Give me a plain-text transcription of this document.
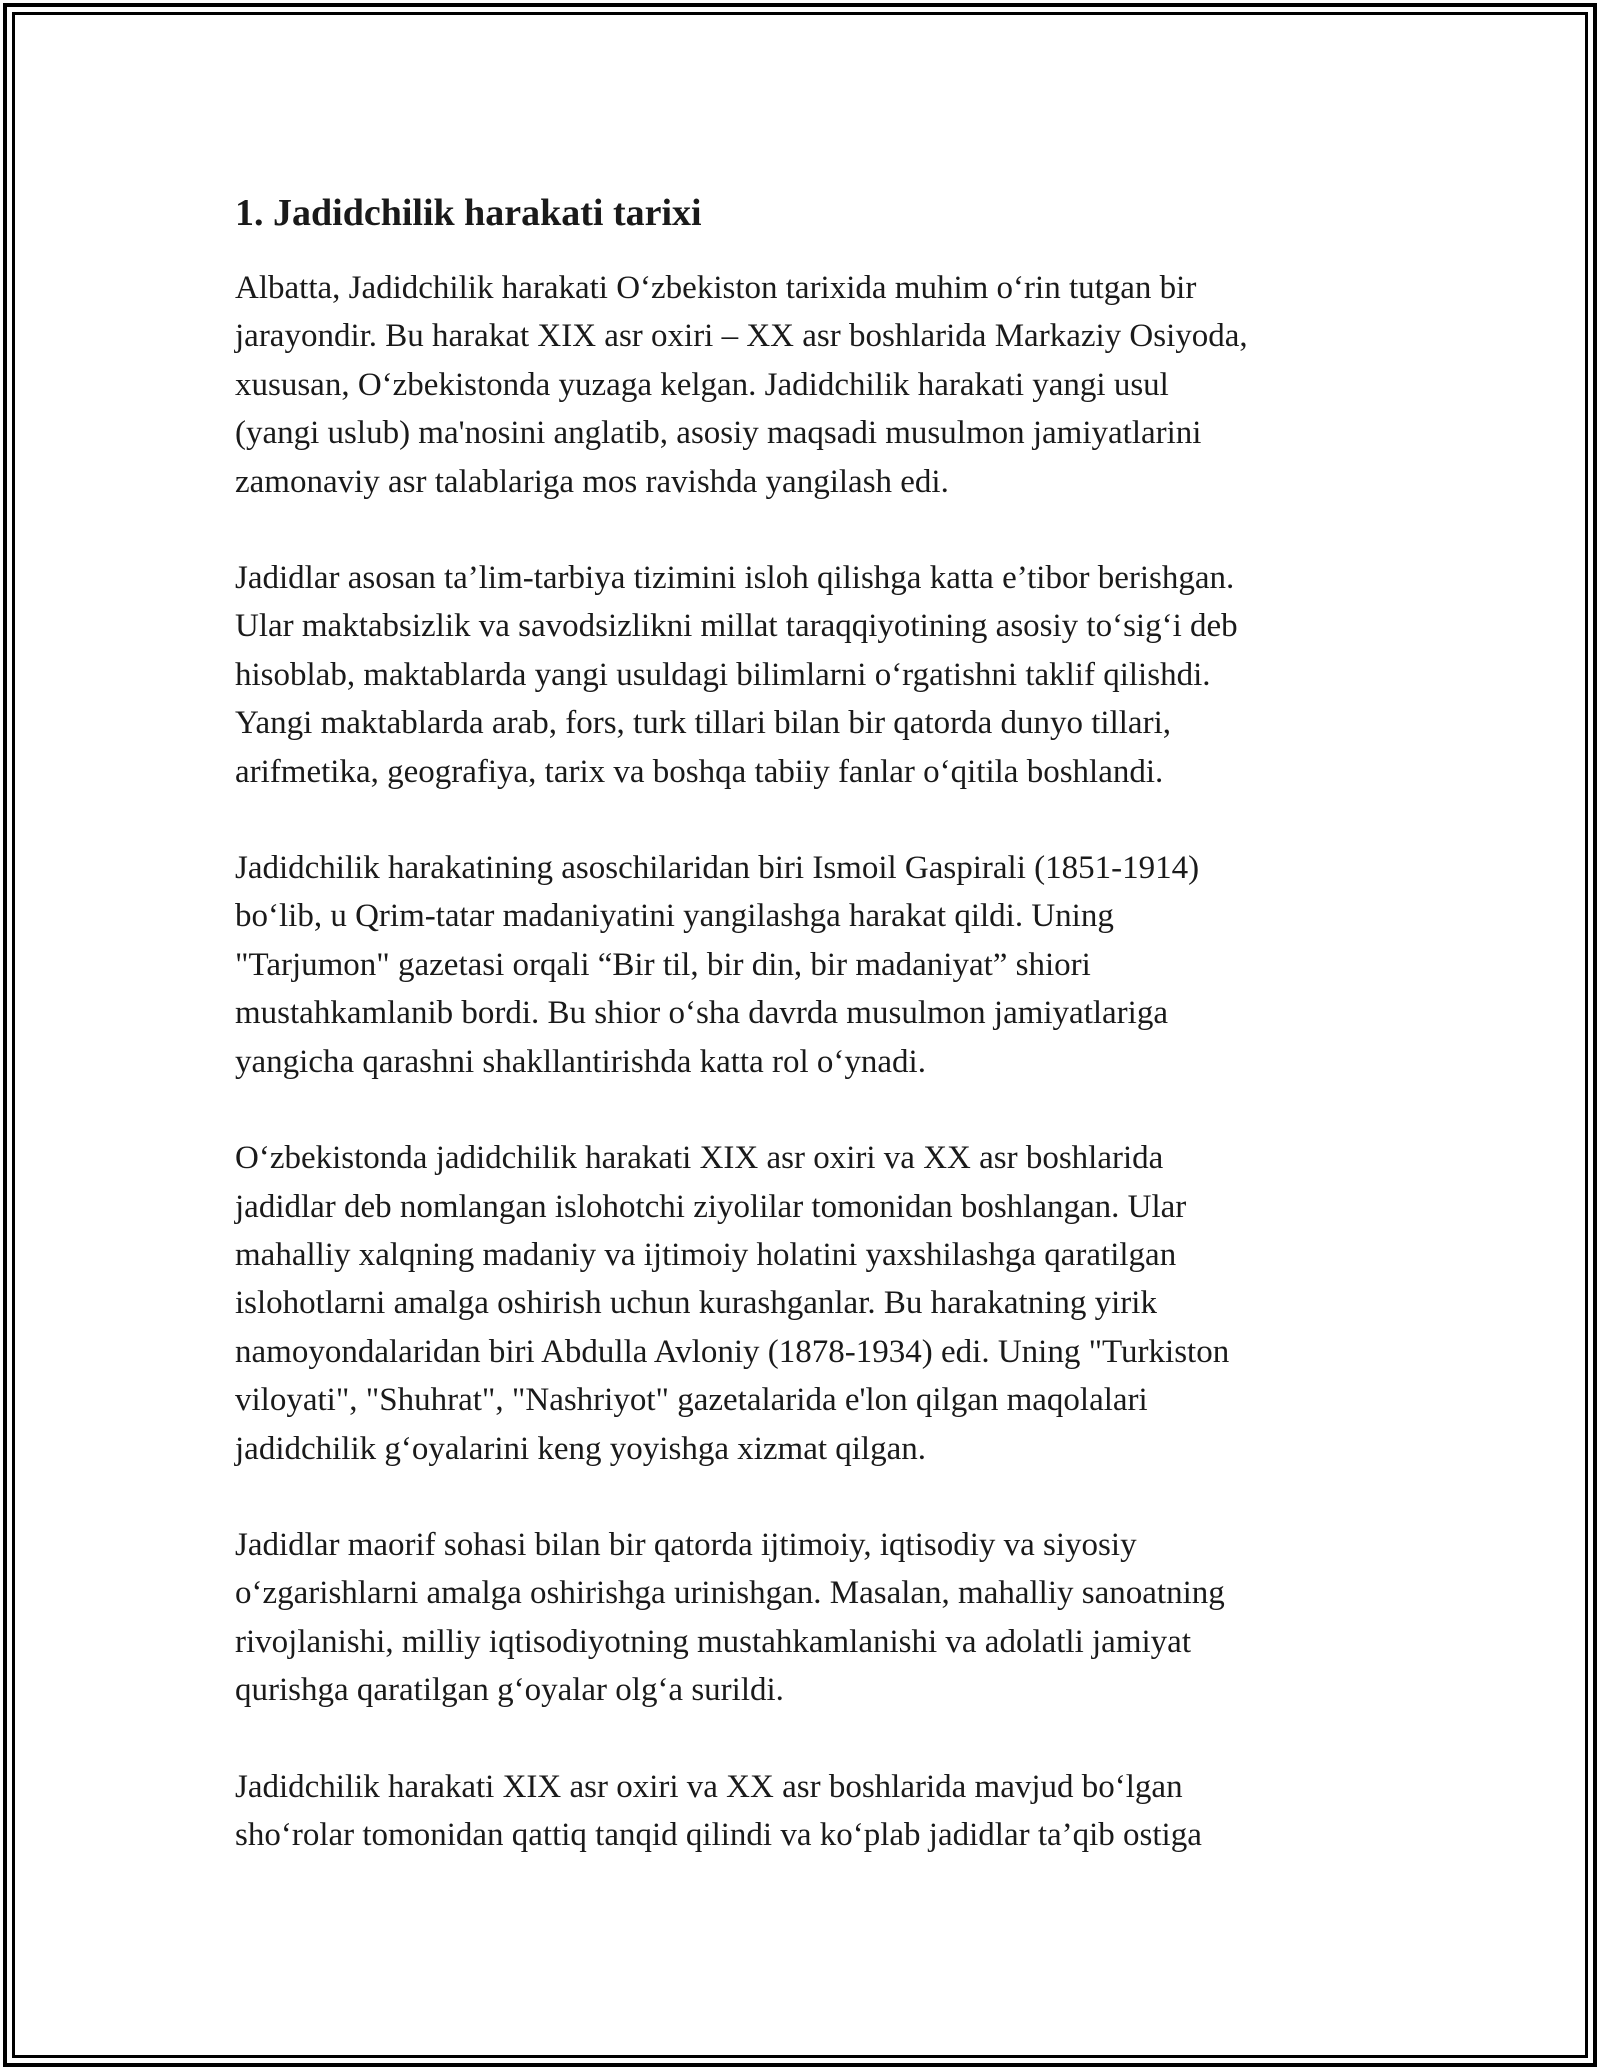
1. Jadidchilik harakati tarixi
Albatta, Jadidchilik harakati O‘zbekiston tarixida muhim o‘rin tutgan bir
jarayondir. Bu harakat XIX asr oxiri – XX asr boshlarida Markaziy Osiyoda,
xususan, O‘zbekistonda yuzaga kelgan. Jadidchilik harakati yangi usul
(yangi uslub) ma'nosini anglatib, asosiy maqsadi musulmon jamiyatlarini
zamonaviy asr talablariga mos ravishda yangilash edi.
Jadidlar asosan ta’lim-tarbiya tizimini isloh qilishga katta e’tibor berishgan.
Ular maktabsizlik va savodsizlikni millat taraqqiyotining asosiy to‘sig‘i deb
hisoblab, maktablarda yangi usuldagi bilimlarni o‘rgatishni taklif qilishdi.
Yangi maktablarda arab, fors, turk tillari bilan bir qatorda dunyo tillari,
arifmetika, geografiya, tarix va boshqa tabiiy fanlar o‘qitila boshlandi.
Jadidchilik harakatining asoschilaridan biri Ismoil Gaspirali (1851-1914)
bo‘lib, u Qrim-tatar madaniyatini yangilashga harakat qildi. Uning
"Tarjumon" gazetasi orqali “Bir til, bir din, bir madaniyat” shiori
mustahkamlanib bordi. Bu shior o‘sha davrda musulmon jamiyatlariga
yangicha qarashni shakllantirishda katta rol o‘ynadi.
O‘zbekistonda jadidchilik harakati XIX asr oxiri va XX asr boshlarida
jadidlar deb nomlangan islohotchi ziyolilar tomonidan boshlangan. Ular
mahalliy xalqning madaniy va ijtimoiy holatini yaxshilashga qaratilgan
islohotlarni amalga oshirish uchun kurashganlar. Bu harakatning yirik
namoyondalaridan biri Abdulla Avloniy (1878-1934) edi. Uning "Turkiston
viloyati", "Shuhrat", "Nashriyot" gazetalarida e'lon qilgan maqolalari
jadidchilik g‘oyalarini keng yoyishga xizmat qilgan.
Jadidlar maorif sohasi bilan bir qatorda ijtimoiy, iqtisodiy va siyosiy
o‘zgarishlarni amalga oshirishga urinishgan. Masalan, mahalliy sanoatning
rivojlanishi, milliy iqtisodiyotning mustahkamlanishi va adolatli jamiyat
qurishga qaratilgan g‘oyalar olg‘a surildi.
Jadidchilik harakati XIX asr oxiri va XX asr boshlarida mavjud bo‘lgan
sho‘rolar tomonidan qattiq tanqid qilindi va ko‘plab jadidlar ta’qib ostiga
